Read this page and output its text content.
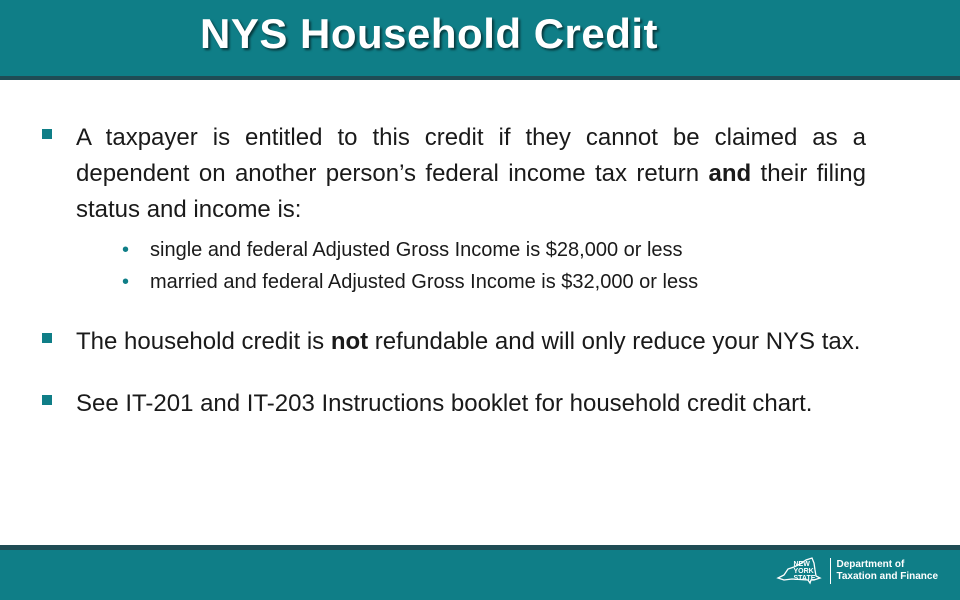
NYS Household Credit
A taxpayer is entitled to this credit if they cannot be claimed as a dependent on another person’s federal income tax return and their filing status and income is:
• single and federal Adjusted Gross Income is $28,000 or less
• married and federal Adjusted Gross Income is $32,000 or less
The household credit is not refundable and will only reduce your NYS tax.
See IT-201 and IT-203 Instructions booklet for household credit chart.
NEW YORK STATE
Department of
Taxation and Finance
